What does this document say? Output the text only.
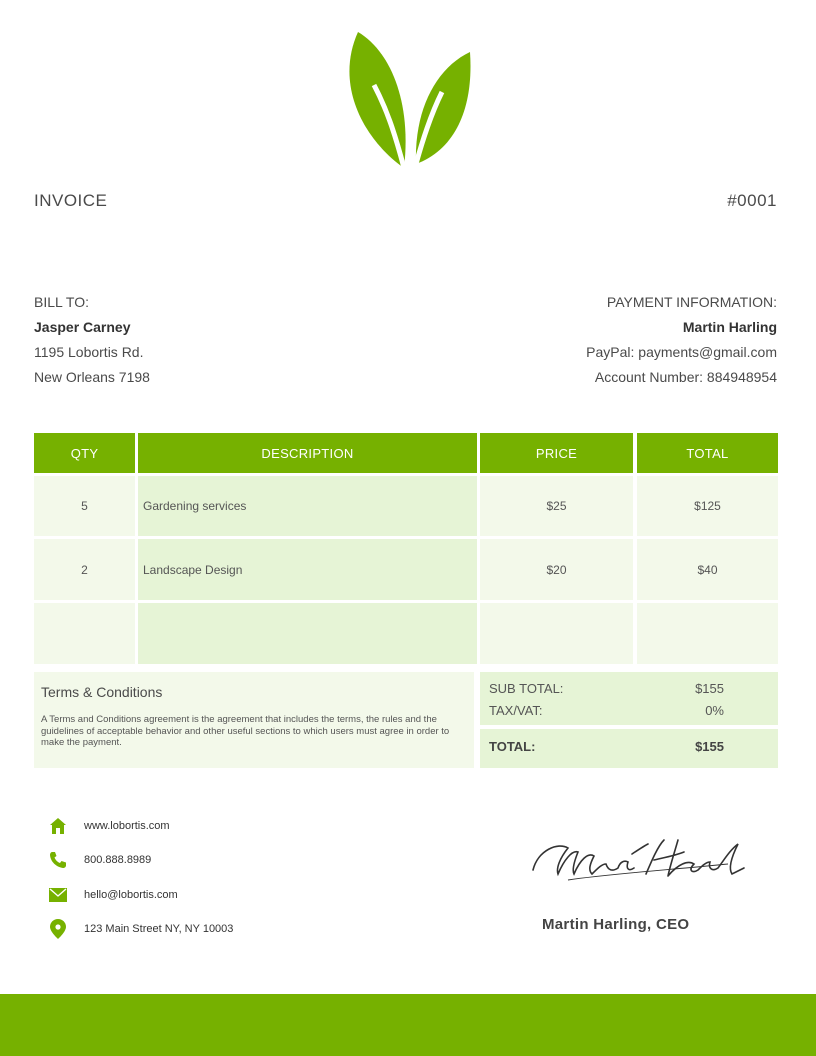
INVOICE	#0001
BILL TO:
Jasper Carney
1195 Lobortis Rd.
New Orleans 7198
PAYMENT INFORMATION:
Martin Harling
PayPal: payments@gmail.com
Account Number: 884948954
QTY	DESCRIPTION	PRICE	TOTAL
5	Gardening services	$25	$125
2	Landscape Design	$20	$40
Terms & Conditions
A Terms and Conditions agreement is the agreement that includes the terms, the rules and the guidelines of acceptable behavior and other useful sections to which users must agree in order to make the payment.
SUB TOTAL:	$155
TAX/VAT:	0%
TOTAL:	$155
www.lobortis.com
800.888.8989
hello@lobortis.com
123 Main Street NY, NY 10003	Martin Harling, CEO
